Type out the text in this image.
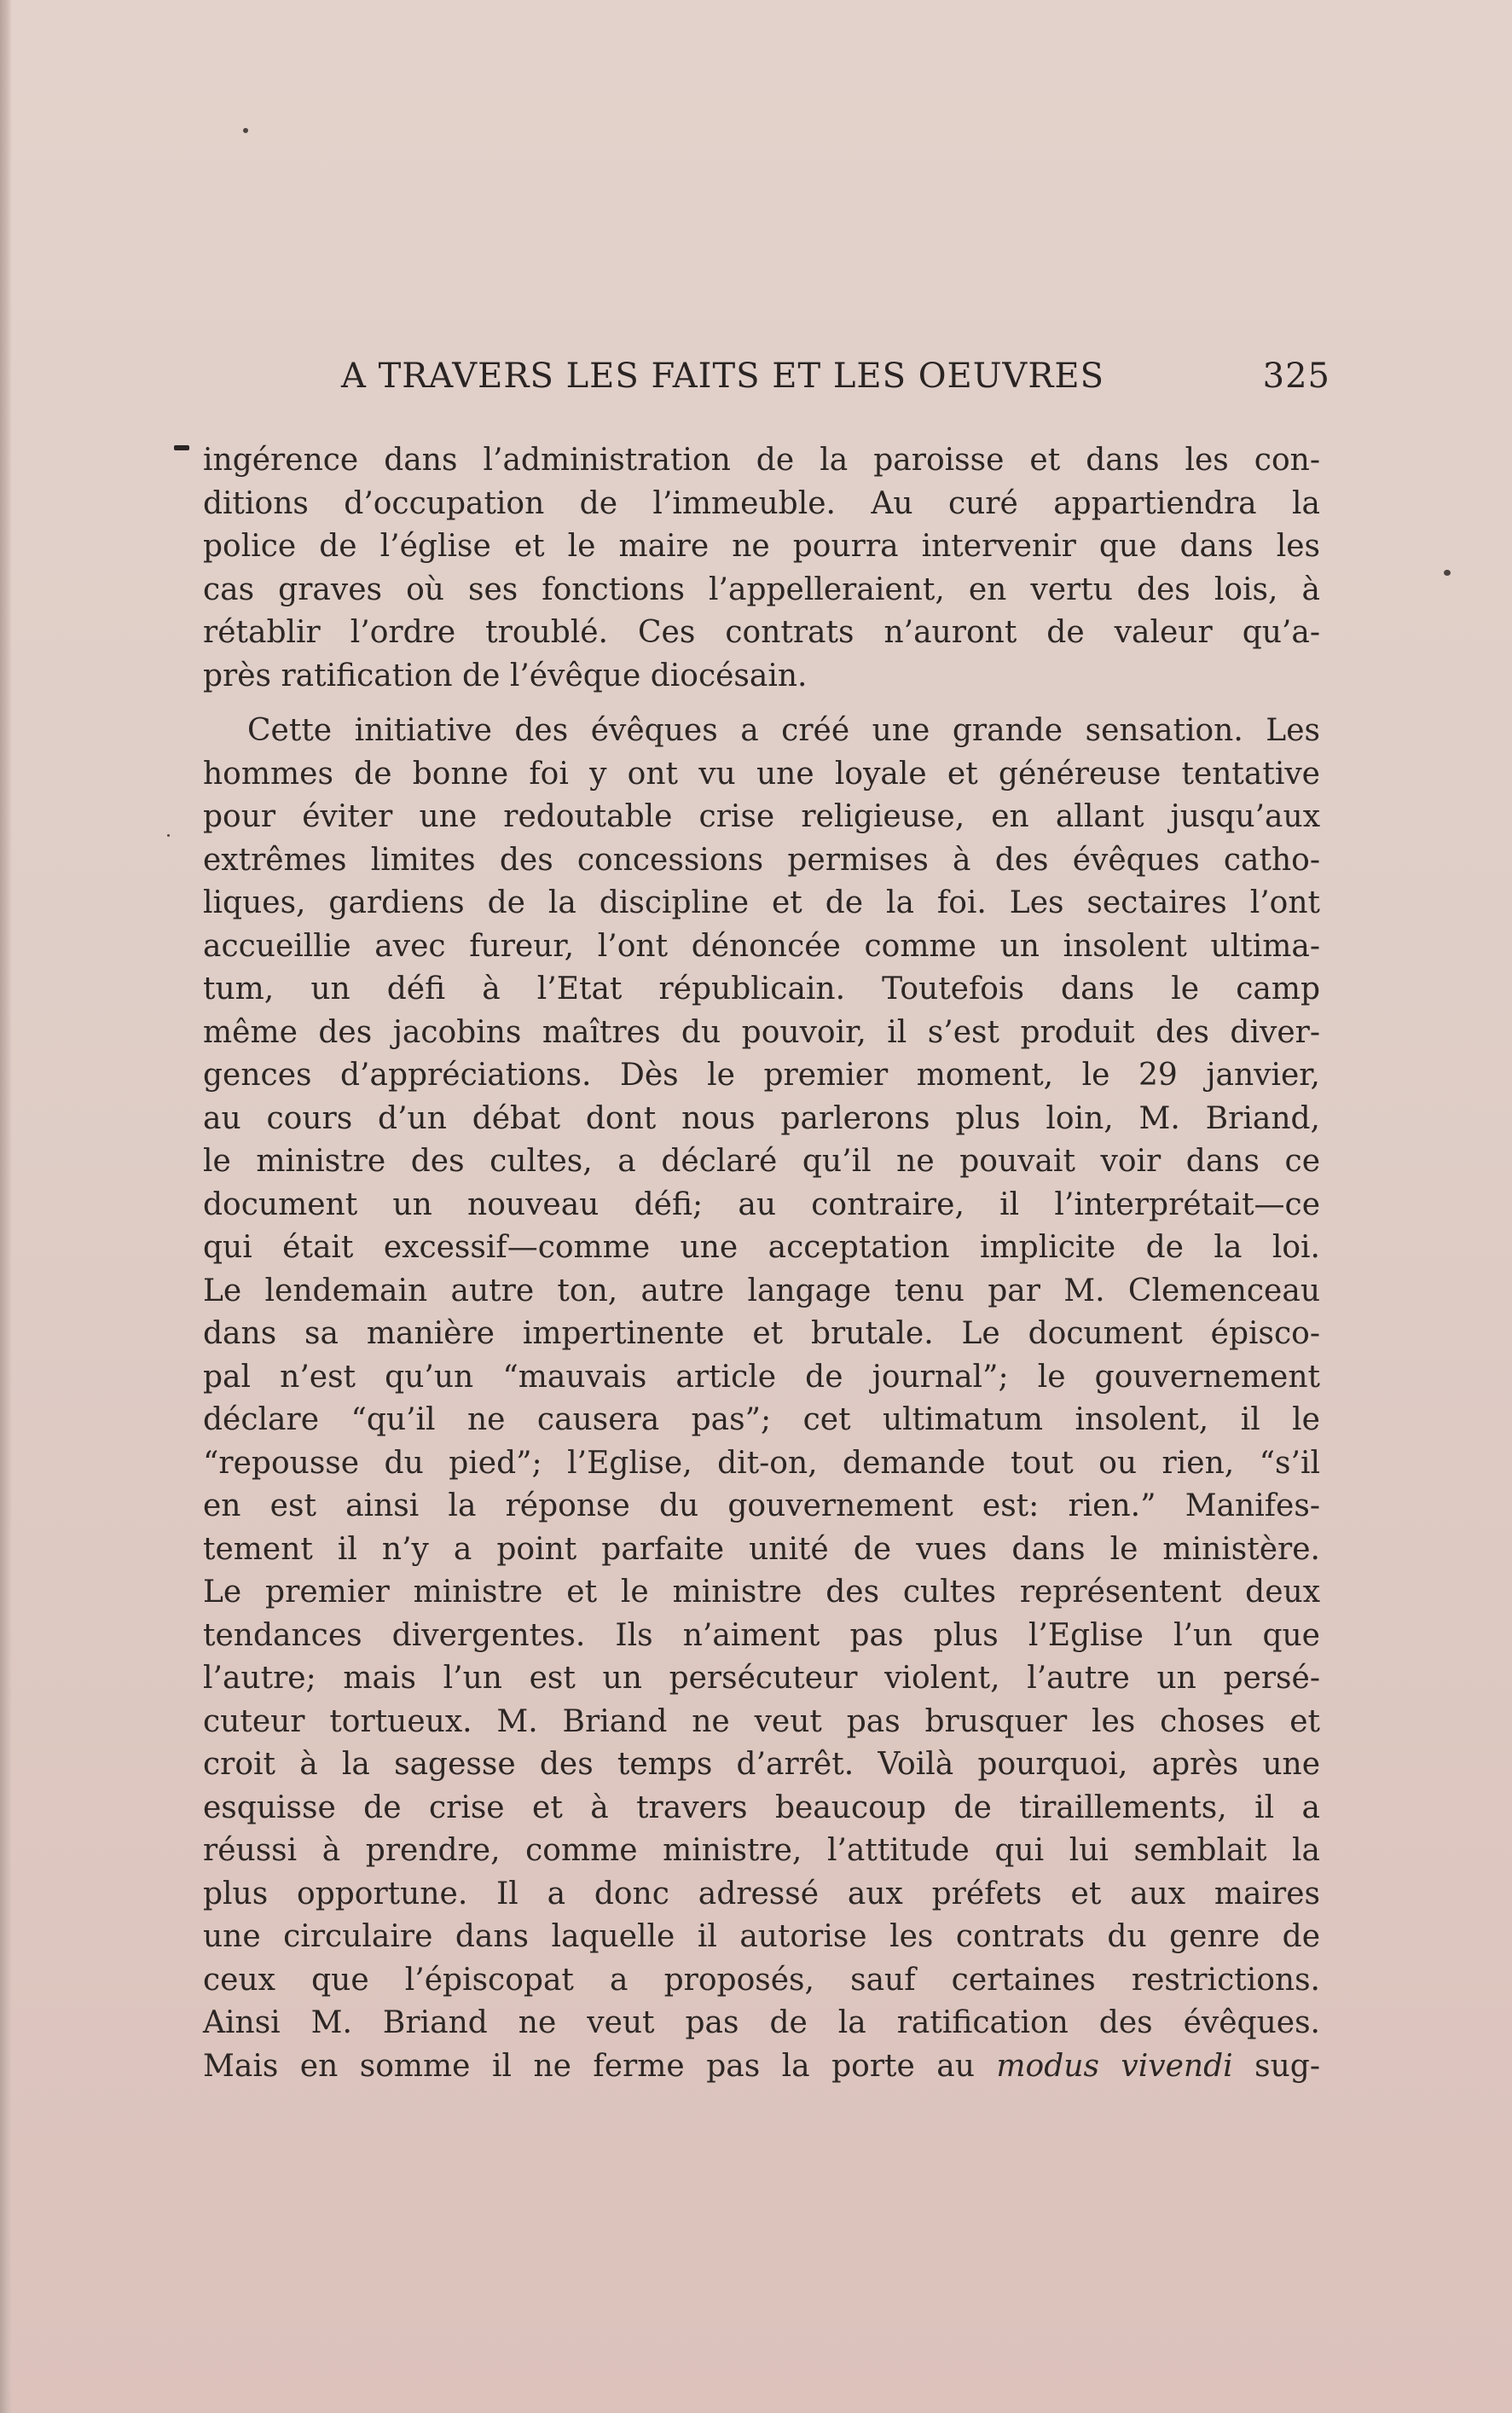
A TRAVERS LES FAITS ET LES OEUVRES	325
ingérence dans l’administration de la paroisse et dans les con-
ditions d’occupation de l’immeuble. Au curé appartiendra la
police de l’église et le maire ne pourra intervenir que dans les
cas graves où ses fonctions l’appelleraient, en vertu des lois, à
rétablir l’ordre troublé. Ces contrats n’auront de valeur qu’a-
près ratification de l’évêque diocésain.
Cette initiative des évêques a créé une grande sensation. Les
hommes de bonne foi y ont vu une loyale et généreuse tentative
pour éviter une redoutable crise religieuse, en allant jusqu’aux
extrêmes limites des concessions permises à des évêques catho-
liques, gardiens de la discipline et de la foi. Les sectaires l’ont
accueillie avec fureur, l’ont dénoncée comme un insolent ultima-
tum, un défi à l’Etat républicain. Toutefois dans le camp
même des jacobins maîtres du pouvoir, il s’est produit des diver-
gences d’appréciations. Dès le premier moment, le 29 janvier,
au cours d’un débat dont nous parlerons plus loin, M. Briand,
le ministre des cultes, a déclaré qu’il ne pouvait voir dans ce
document un nouveau défi; au contraire, il l’interprétait—ce
qui était excessif—comme une acceptation implicite de la loi.
Le lendemain autre ton, autre langage tenu par M. Clemenceau
dans sa manière impertinente et brutale. Le document épisco-
pal n’est qu’un “mauvais article de journal”; le gouvernement
déclare “qu’il ne causera pas”; cet ultimatum insolent, il le
“repousse du pied”; l’Eglise, dit-on, demande tout ou rien, “s’il
en est ainsi la réponse du gouvernement est: rien.” Manifes-
tement il n’y a point parfaite unité de vues dans le ministère.
Le premier ministre et le ministre des cultes représentent deux
tendances divergentes. Ils n’aiment pas plus l’Eglise l’un que
l’autre; mais l’un est un persécuteur violent, l’autre un persé-
cuteur tortueux. M. Briand ne veut pas brusquer les choses et
croit à la sagesse des temps d’arrêt. Voilà pourquoi, après une
esquisse de crise et à travers beaucoup de tiraillements, il a
réussi à prendre, comme ministre, l’attitude qui lui semblait la
plus opportune. Il a donc adressé aux préfets et aux maires
une circulaire dans laquelle il autorise les contrats du genre de
ceux que l’épiscopat a proposés, sauf certaines restrictions.
Ainsi M. Briand ne veut pas de la ratification des évêques.
Mais en somme il ne ferme pas la porte au modus vivendi sug-
